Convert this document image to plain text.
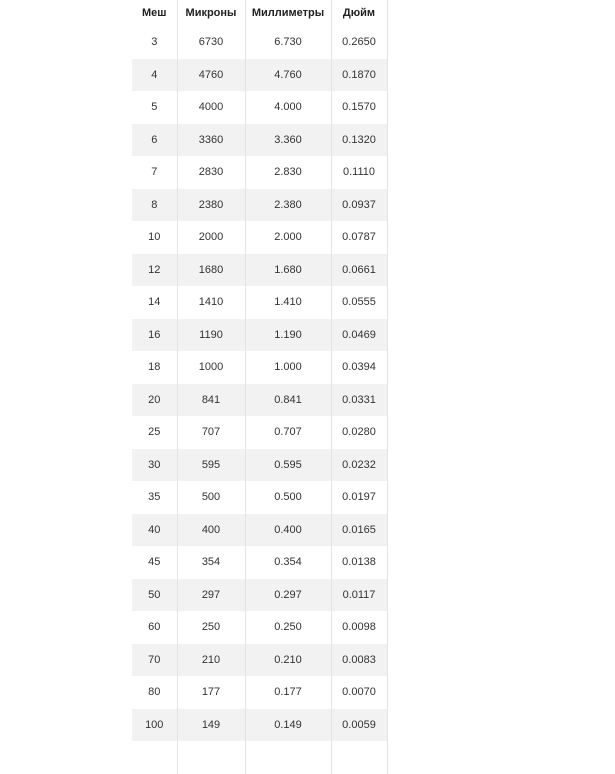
Меш	Микроны	Миллиметры	Дюйм
3	6730	6.730	0.2650
4	4760	4.760	0.1870
5	4000	4.000	0.1570
6	3360	3.360	0.1320
7	2830	2.830	0.1110
8	2380	2.380	0.0937
10	2000	2.000	0.0787
12	1680	1.680	0.0661
14	1410	1.410	0.0555
16	1190	1.190	0.0469
18	1000	1.000	0.0394
20	841	0.841	0.0331
25	707	0.707	0.0280
30	595	0.595	0.0232
35	500	0.500	0.0197
40	400	0.400	0.0165
45	354	0.354	0.0138
50	297	0.297	0.0117
60	250	0.250	0.0098
70	210	0.210	0.0083
80	177	0.177	0.0070
100	149	0.149	0.0059
